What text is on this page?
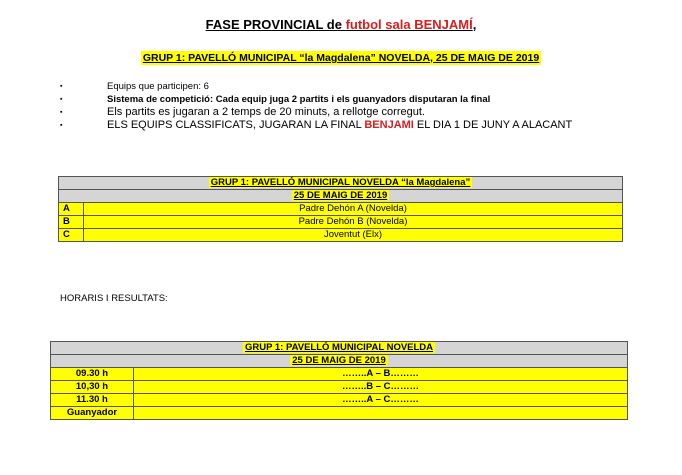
FASE PROVINCIAL de futbol sala BENJAMÍ,
GRUP 1: PAVELLÓ MUNICIPAL “la Magdalena” NOVELDA, 25 DE MAIG DE 2019
▪ Equips que participen: 6
▪ Sistema de competició: Cada equip juga 2 partits i els guanyadors disputaran la final
▪ Els partits es jugaran a 2 temps de 20 minuts, a rellotge corregut.
▪ ELS EQUIPS CLASSIFICATS, JUGARAN LA FINAL BENJAMI EL DIA 1 DE JUNY A ALACANT
GRUP 1: PAVELLÓ MUNICIPAL NOVELDA “la Magdalena”	
25 DE MAIG DE 2019	
A	Padre Dehón A (Novelda)
B	Padre Dehón B (Novelda)
C	Joventut (Elx)
HORARIS I RESULTATS:
GRUP 1: PAVELLÓ MUNICIPAL NOVELDA	
25 DE MAIG DE 2019	
09.30 h	……..A – B………
10,30 h	……..B – C………
11.30 h	……..A – C………
Guanyador	
